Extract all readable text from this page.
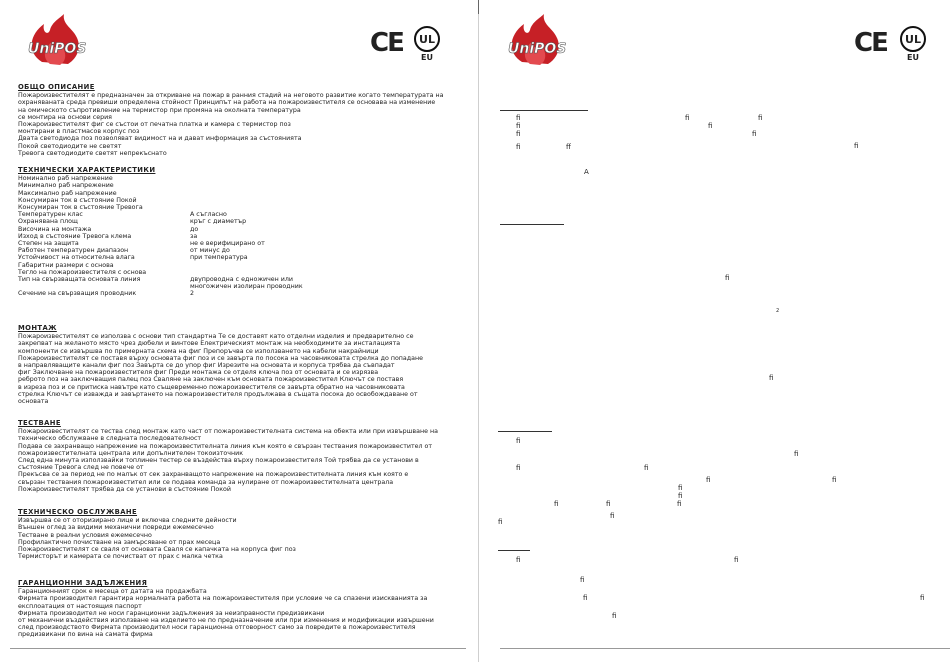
UniPOS	CE	UL
EU
ОБЩО ОПИСАНИЕ

Пожароизвестителят е предназначен за откриване на пожар в ранния стадий на неговото развитие когато температурата на

охраняваната среда превиши определена стойност Принципът на работа на пожароизвестителя се основава на изменение

на омическото съпротивление на термистор при промяна на околната температура

се монтира на основи серия

Пожароизвестителят фиг се състои от печатна платка и камера с термистор поз

монтирани в пластмасов корпус поз

Двата светодиода поз позволяват видимост на и дават информация за състоянията

Покой светодиодите не светят

Тревога светодиодите светят непрекъснато

ТЕХНИЧЕСКИ ХАРАКТЕРИСТИКИ
Номинално раб напрежение
Минимално раб напрежение
Максимално раб напрежение
Консумиран ток в състояние Покой
Консумиран ток в състояние Тревога
Температурен клас	A съгласно
Охранявана площ	кръг с диаметър
Височина на монтажа	до
Изход в състояние Тревога клема	за
Степен на защита	не е верифицирано от
Работен температурен диапазон	от минус до
Устойчивост на относителна влага	при температура
Габаритни размери с основа
Тегло на пожароизвестителя с основа
Тип на свързващата основата линия	двупроводна с едножичен или
многожичен изолиран проводник
Сечение на свързващия проводник	2
МОНТАЖ

Пожароизвестителят се използва с основи тип стандартна Те се доставят като отделни изделия и предварително се

закрепват на желаното място чрез дюбели и винтове Електрическият монтаж на необходимите за инсталацията

компоненти се извършва по примерната схема на фиг Препоръчва се използването на кабели накрайници

Пожароизвестителят се поставя върху основата фиг поз и се завърта по посока на часовниковата стрелка до попадане

в направляващите канали фиг поз Завърта се до упор фиг Изрезите на основата и корпуса трябва да съвпадат

фиг Заключване на пожароизвестителя фиг Преди монтажа се отделя ключа поз от основата и се изрязва

реброто поз на заключващия палец поз Сваляне на заключен към основата пожароизвестител Ключът се поставя

в изреза поз и се притиска навътре като същевременно пожароизвестителя се завърта обратно на часовниковата

стрелка Ключът се изважда и завъртането на пожароизвестителя продължава в същата посока до освобождаване от

основата

ТЕСТВАНЕ

Пожароизвестителят се тества след монтаж като част от пожароизвестителната система на обекта или при извършване на

техническо обслужване в следната последователност

Подава се захранващо напрежение на пожароизвестителната линия към която е свързан тествания пожароизвестител от

пожароизвестителната централа или допълнителен токоизточник

След една минута използвайки топлинен тестер се въздейства върху пожароизвестителя Той трябва да се установи в

състояние Тревога след не повече от

Прекъсва се за период не по малък от сек захранващото напрежение на пожароизвестителната линия към която е

свързан тествания пожароизвестител или се подава команда за нулиране от пожароизвестителната централа

Пожароизвестителят трябва да се установи в състояние Покой

ТЕХНИЧЕСКО ОБСЛУЖВАНЕ

Извършва се от оторизирано лице и включва следните дейности

Външен оглед за видими механични повреди ежемесечно

Тестване в реални условия ежемесечно

Профилактично почистване на замърсяване от прах месеца

Пожароизвестителят се сваля от основата Сваля се капачката на корпуса фиг поз

Термисторът и камерата се почистват от прах с малка четка

ГАРАНЦИОННИ ЗАДЪЛЖЕНИЯ

Гаранционният срок е месеца от датата на продажбата

Фирмата производител гарантира нормалната работа на пожароизвестителя при условие че са спазени изискванията за

експлоатация от настоящия паспорт

Фирмата производител не носи гаранционни задължения за неизправности предизвикани

от механични въздействия използване на изделието не по предназначение или при изменения и модификации извършени

след производството Фирмата производител носи гаранционна отговорност само за повредите в пожароизвестителя

предизвикани по вина на самата фирма

UniPOS	CE	UL
EU
fi	fi	fi
fi	fi
fi	fi
fi	ff
A
fi
2
fi
fi
fi
fi	fi
fi	fi
fi
fi
fi	fi	fi
fi
fi
fi	fi
fi
fi	fi
fi
fi
